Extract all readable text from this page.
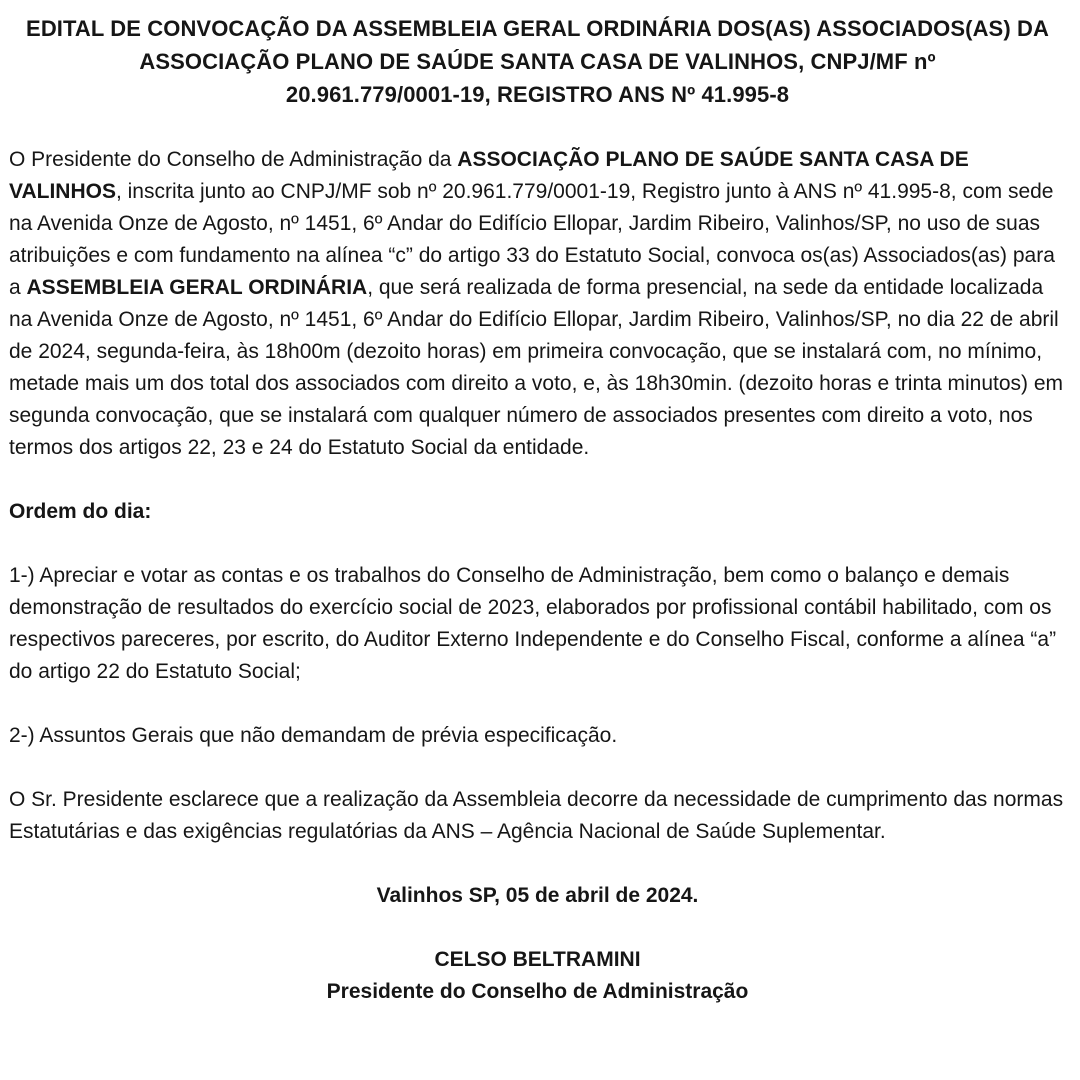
EDITAL DE CONVOCAÇÃO DA ASSEMBLEIA GERAL ORDINÁRIA DOS(AS) ASSOCIADOS(AS) DA
ASSOCIAÇÃO PLANO DE SAÚDE SANTA CASA DE VALINHOS, CNPJ/MF nº
20.961.779/0001-19, REGISTRO ANS Nº 41.995-8

O Presidente do Conselho de Administração da ASSOCIAÇÃO PLANO DE SAÚDE SANTA CASA DE VALINHOS, inscrita junto ao CNPJ/MF sob nº 20.961.779/0001-19, Registro junto à ANS nº 41.995-8, com sede na Avenida Onze de Agosto, nº 1451, 6º Andar do Edifício Ellopar, Jardim Ribeiro, Valinhos/SP, no uso de suas atribuições e com fundamento na alínea “c” do artigo 33 do Estatuto Social, convoca os(as) Associados(as) para a ASSEMBLEIA GERAL ORDINÁRIA, que será realizada de forma presencial, na sede da entidade localizada na Avenida Onze de Agosto, nº 1451, 6º Andar do Edifício Ellopar, Jardim Ribeiro, Valinhos/SP, no dia 22 de abril de 2024, segunda-feira, às 18h00m (dezoito horas) em primeira convocação, que se instalará com, no mínimo, metade mais um dos total dos associados com direito a voto, e, às 18h30min. (dezoito horas e trinta minutos) em segunda convocação, que se instalará com qualquer número de associados presentes com direito a voto, nos termos dos artigos 22, 23 e 24 do Estatuto Social da entidade.

Ordem do dia:

1-) Apreciar e votar as contas e os trabalhos do Conselho de Administração, bem como o balanço e demais demonstração de resultados do exercício social de 2023, elaborados por profissional contábil habilitado, com os respectivos pareceres, por escrito, do Auditor Externo Independente e do Conselho Fiscal, conforme a alínea “a” do artigo 22 do Estatuto Social;

2-) Assuntos Gerais que não demandam de prévia especificação.

O Sr. Presidente esclarece que a realização da Assembleia decorre da necessidade de cumprimento das normas Estatutárias e das exigências regulatórias da ANS – Agência Nacional de Saúde Suplementar.

Valinhos SP, 05 de abril de 2024.

CELSO BELTRAMINI

Presidente do Conselho de Administração
